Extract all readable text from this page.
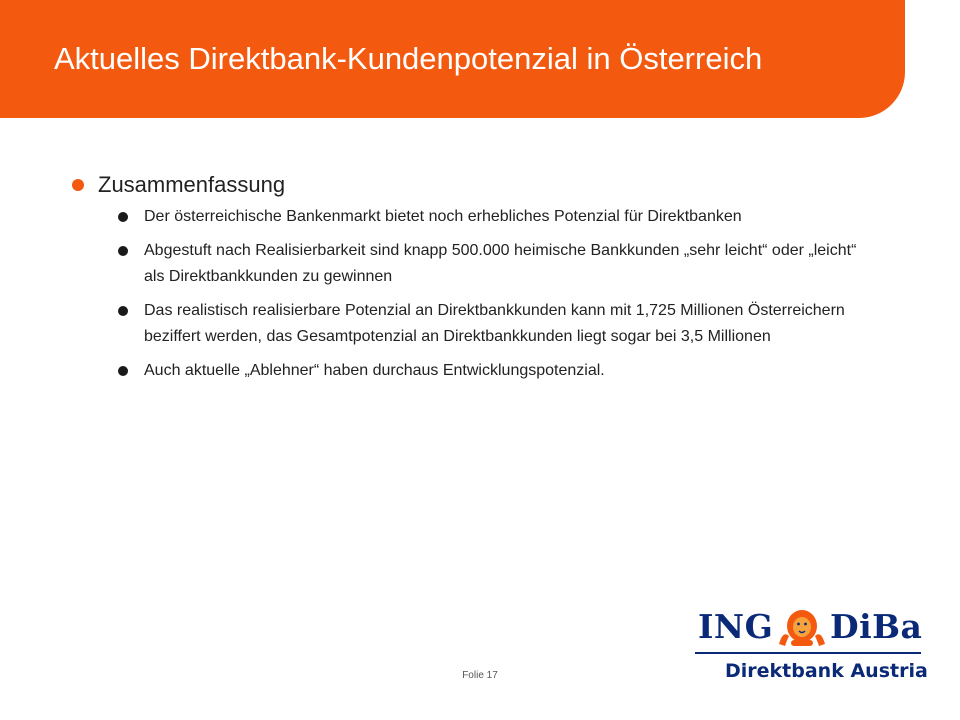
Aktuelles Direktbank-Kundenpotenzial in Österreich
Zusammenfassung
Der österreichische Bankenmarkt bietet noch erhebliches Potenzial für Direktbanken
Abgestuft nach Realisierbarkeit sind knapp 500.000 heimische Bankkunden „sehr leicht“ oder „leicht“ als Direktbankkunden zu gewinnen
Das realistisch realisierbare Potenzial an Direktbankkunden kann mit 1,725 Millionen Österreichern beziffert werden, das Gesamtpotenzial an Direktbankkunden liegt sogar bei 3,5 Millionen
Auch aktuelle „Ablehner“ haben durchaus Entwicklungspotenzial.
Folie 17
ING DiBa
Direktbank Austria
